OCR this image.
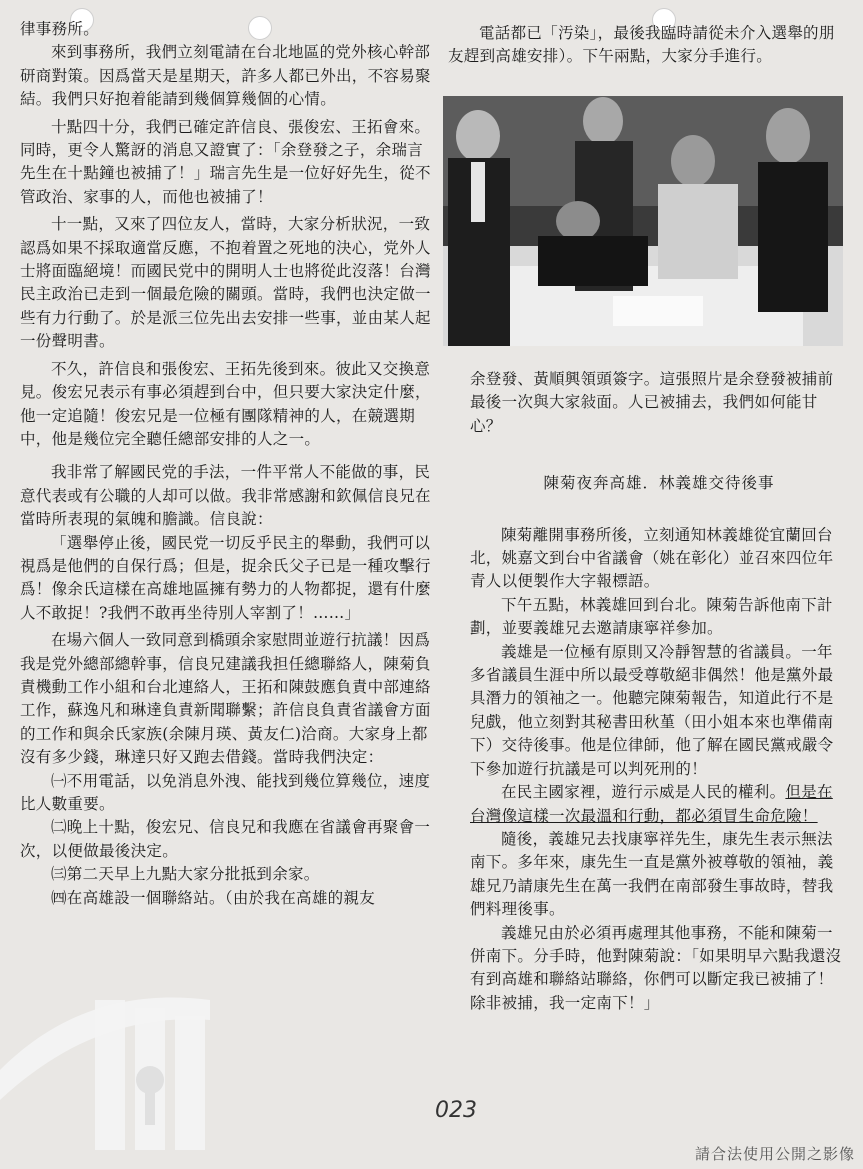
律事務所。

來到事務所，我們立刻電請在台北地區的党外核心幹部研商對策。因爲當天是星期天，許多人都已外出，不容易聚結。我們只好抱着能請到幾個算幾個的心情。

十點四十分，我們已確定許信良、張俊宏、王拓會來。同時，更令人驚訝的消息又證實了：「余登發之子，余瑞言先生在十點鐘也被捕了！」瑞言先生是一位好好先生，從不管政治、家事的人，而他也被捕了！

十一點，又來了四位友人，當時，大家分析狀況，一致認爲如果不採取適當反應，不抱着置之死地的決心，党外人士將面臨絕境！而國民党中的開明人士也將從此沒落！台灣民主政治已走到一個最危險的關頭。當時，我們也決定做一些有力行動了。於是派三位先出去安排一些事，並由某人起一份聲明書。

不久，許信良和張俊宏、王拓先後到來。彼此又交換意見。俊宏兄表示有事必須趕到台中，但只要大家決定什麼，他一定追隨！俊宏兄是一位極有團隊精神的人，在競選期中，他是幾位完全聽任總部安排的人之一。

我非常了解國民党的手法，一件平常人不能做的事，民意代表或有公職的人却可以做。我非常感謝和欽佩信良兄在當時所表現的氣魄和膽識。信良說：

「選舉停止後，國民党一切反乎民主的舉動，我們可以視爲是他們的自保行爲；但是，捉余氏父子已是一種攻擊行爲！像余氏這樣在高雄地區擁有勢力的人物都捉，還有什麼人不敢捉！?我們不敢再坐待別人宰割了！……」

在場六個人一致同意到橋頭余家慰問並遊行抗議！因爲我是党外總部總幹事，信良兄建議我担任總聯絡人，陳菊負責機動工作小組和台北連絡人，王拓和陳鼓應負責中部連絡工作，蘇逸凡和琳達負責新聞聯繫；許信良負責省議會方面的工作和與余氏家族(余陳月瑛、黃友仁)洽商。大家身上都沒有多少錢，琳達只好又跑去借錢。當時我們決定：

㈠不用電話，以免消息外洩、能找到幾位算幾位，速度比人數重要。

㈡晚上十點，俊宏兄、信良兄和我應在省議會再聚會一次，以便做最後決定。

㈢第二天早上九點大家分批抵到余家。

㈣在高雄設一個聯絡站。（由於我在高雄的親友

電話都已「汚染」，最後我臨時請從未介入選舉的朋友趕到高雄安排）。下午兩點，大家分手進行。

余登發、黃順興領頭簽字。這張照片是余登發被捕前最後一次與大家敍面。人已被捕去，我們如何能甘心？

陳菊夜奔高雄．林義雄交待後事

陳菊離開事務所後，立刻通知林義雄從宜蘭回台北，姚嘉文到台中省議會（姚在彰化）並召來四位年青人以便製作大字報標語。

下午五點，林義雄回到台北。陳菊告訴他南下計劃，並要義雄兄去邀請康寧祥參加。

義雄是一位極有原則又冷靜智慧的省議員。一年多省議員生涯中所以最受尊敬絕非偶然！他是黨外最具潛力的領袖之一。他聽完陳菊報告，知道此行不是兒戲，他立刻對其秘書田秋堇（田小姐本來也準備南下）交待後事。他是位律師，他了解在國民黨戒嚴令下參加遊行抗議是可以判死刑的！

在民主國家裡，遊行示威是人民的權利。但是在台灣像這樣一次最溫和行動，都必須冒生命危險！

隨後，義雄兄去找康寧祥先生，康先生表示無法南下。多年來，康先生一直是黨外被尊敬的領袖，義雄兄乃請康先生在萬一我們在南部發生事故時，替我們料理後事。

義雄兄由於必須再處理其他事務，不能和陳菊一併南下。分手時，他對陳菊說：「如果明早六點我還沒有到高雄和聯絡站聯絡，你們可以斷定我已被捕了！除非被捕，我一定南下！」

023
請合法使用公開之影像
